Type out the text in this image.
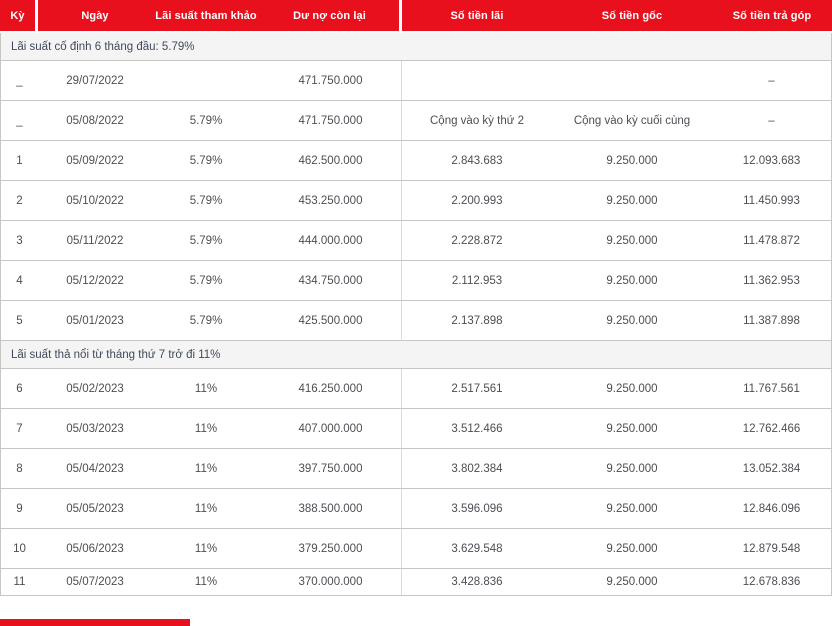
Kỳ	Ngày	Lãi suất tham khảo	Dư nợ còn lại	Số tiền lãi	Số tiền gốc	Số tiền trả góp
Lãi suất cố định 6 tháng đầu: 5.79%						
_	29/07/2022		471.750.000			–
_	05/08/2022	5.79%	471.750.000	Cộng vào kỳ thứ 2	Cộng vào kỳ cuối cùng	–
1	05/09/2022	5.79%	462.500.000	2.843.683	9.250.000	12.093.683
2	05/10/2022	5.79%	453.250.000	2.200.993	9.250.000	11.450.993
3	05/11/2022	5.79%	444.000.000	2.228.872	9.250.000	11.478.872
4	05/12/2022	5.79%	434.750.000	2.112.953	9.250.000	11.362.953
5	05/01/2023	5.79%	425.500.000	2.137.898	9.250.000	11.387.898
Lãi suất thả nổi từ tháng thứ 7 trở đi 11%						
6	05/02/2023	11%	416.250.000	2.517.561	9.250.000	11.767.561
7	05/03/2023	11%	407.000.000	3.512.466	9.250.000	12.762.466
8	05/04/2023	11%	397.750.000	3.802.384	9.250.000	13.052.384
9	05/05/2023	11%	388.500.000	3.596.096	9.250.000	12.846.096
10	05/06/2023	11%	379.250.000	3.629.548	9.250.000	12.879.548
11	05/07/2023	11%	370.000.000	3.428.836	9.250.000	12.678.836
